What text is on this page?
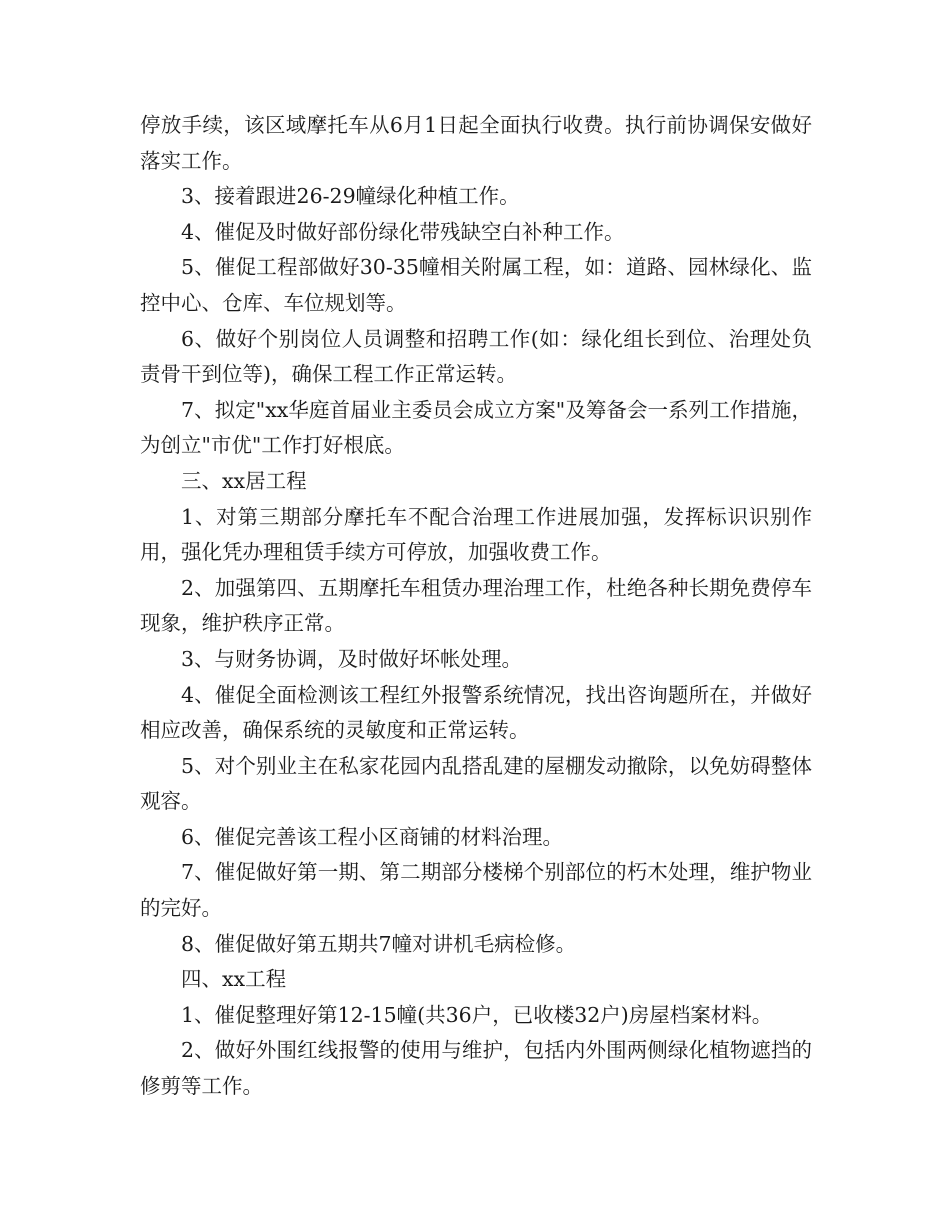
停放手续，该区域摩托车从6月1日起全面执行收费。执行前协调保安做好落实工作。

3、接着跟进26-29幢绿化种植工作。

4、催促及时做好部份绿化带残缺空白补种工作。

5、催促工程部做好30-35幢相关附属工程，如：道路、园林绿化、监控中心、仓库、车位规划等。

6、做好个别岗位人员调整和招聘工作(如：绿化组长到位、治理处负责骨干到位等)，确保工程工作正常运转。

7、拟定"xx华庭首届业主委员会成立方案"及筹备会一系列工作措施，为创立"市优"工作打好根底。

三、xx居工程

1、对第三期部分摩托车不配合治理工作进展加强，发挥标识识别作用，强化凭办理租赁手续方可停放，加强收费工作。

2、加强第四、五期摩托车租赁办理治理工作，杜绝各种长期免费停车现象，维护秩序正常。

3、与财务协调，及时做好坏帐处理。

4、催促全面检测该工程红外报警系统情况，找出咨询题所在，并做好相应改善，确保系统的灵敏度和正常运转。

5、对个别业主在私家花园内乱搭乱建的屋棚发动撤除，以免妨碍整体观容。

6、催促完善该工程小区商铺的材料治理。

7、催促做好第一期、第二期部分楼梯个别部位的朽木处理，维护物业的完好。

8、催促做好第五期共7幢对讲机毛病检修。

四、xx工程

1、催促整理好第12-15幢(共36户，已收楼32户)房屋档案材料。

2、做好外围红线报警的使用与维护，包括内外围两侧绿化植物遮挡的修剪等工作。
